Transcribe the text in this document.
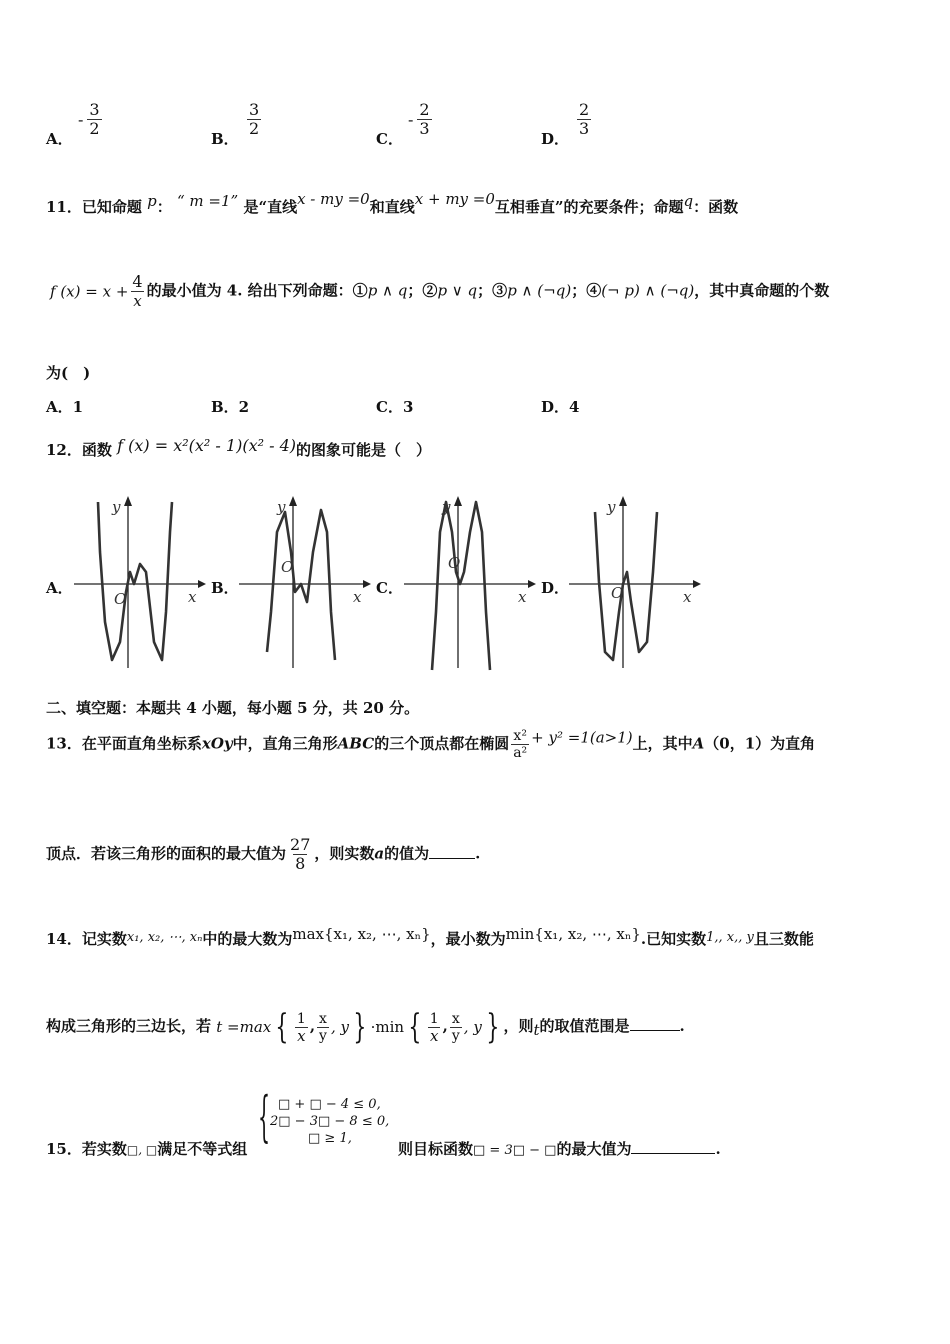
A．
- $\frac{3}{2}$
B．
$\frac{3}{2}$
C．
- $\frac{2}{3}$
D．
$\frac{2}{3}$
11．已知命题 p： “ m =1” 是“直线x - my =0和直线x + my =0互相垂直”的充要条件；命题q：函数
f $(x) = x + \frac{4}{x}$ 的最小值为 4. 给出下列命题：①p ∧ q；②p ∨ q；③p ∧ (¬q)；④(¬ p) ∧ (¬q)，其中真命题的个数
为(　)
A．1	B．2	C．3	D．4
12．函数 f (x) = x²(x² - 1)(x² - 4)的图象可能是（　）
A．
y
x
O
B．
y
x
O
C．
y
x
O
D．
y
x
O
二、填空题：本题共 4 小题，每小题 5 分，共 20 分。
13．在平面直角坐标系xOy中，直角三角形ABC的三个顶点都在椭圆 $\frac{\text{x²}}{\text{a²}} + y^2 =1(a>1)$上，其中A（0，1）为直角
顶点．若该三角形的面积的最大值为 $\frac{27}{8}$ ，则实数a的值为	.
14．记实数x₁, x₂, ⋯, xₙ中的最大数为max{x₁, x₂, ⋯, xₙ}，最小数为min{x₁, x₂, ⋯, xₙ}.已知实数1,, x,, y且三数能
构成三角形的三边长，若 t =max { $\frac{1}{x}$ , $\frac{x}{y}$ , y } ·min { $\frac{1}{x}$ , $\frac{x}{y}$ , y } ，则t的取值范围是	.
15．若实数□, □满足不等式组
{ □ + □ − 4 ≤ 0,
2□ − 3□ − 8 ≤ 0,
□ ≥ 1,
则目标函数□ = 3□ − □的最大值为	.
